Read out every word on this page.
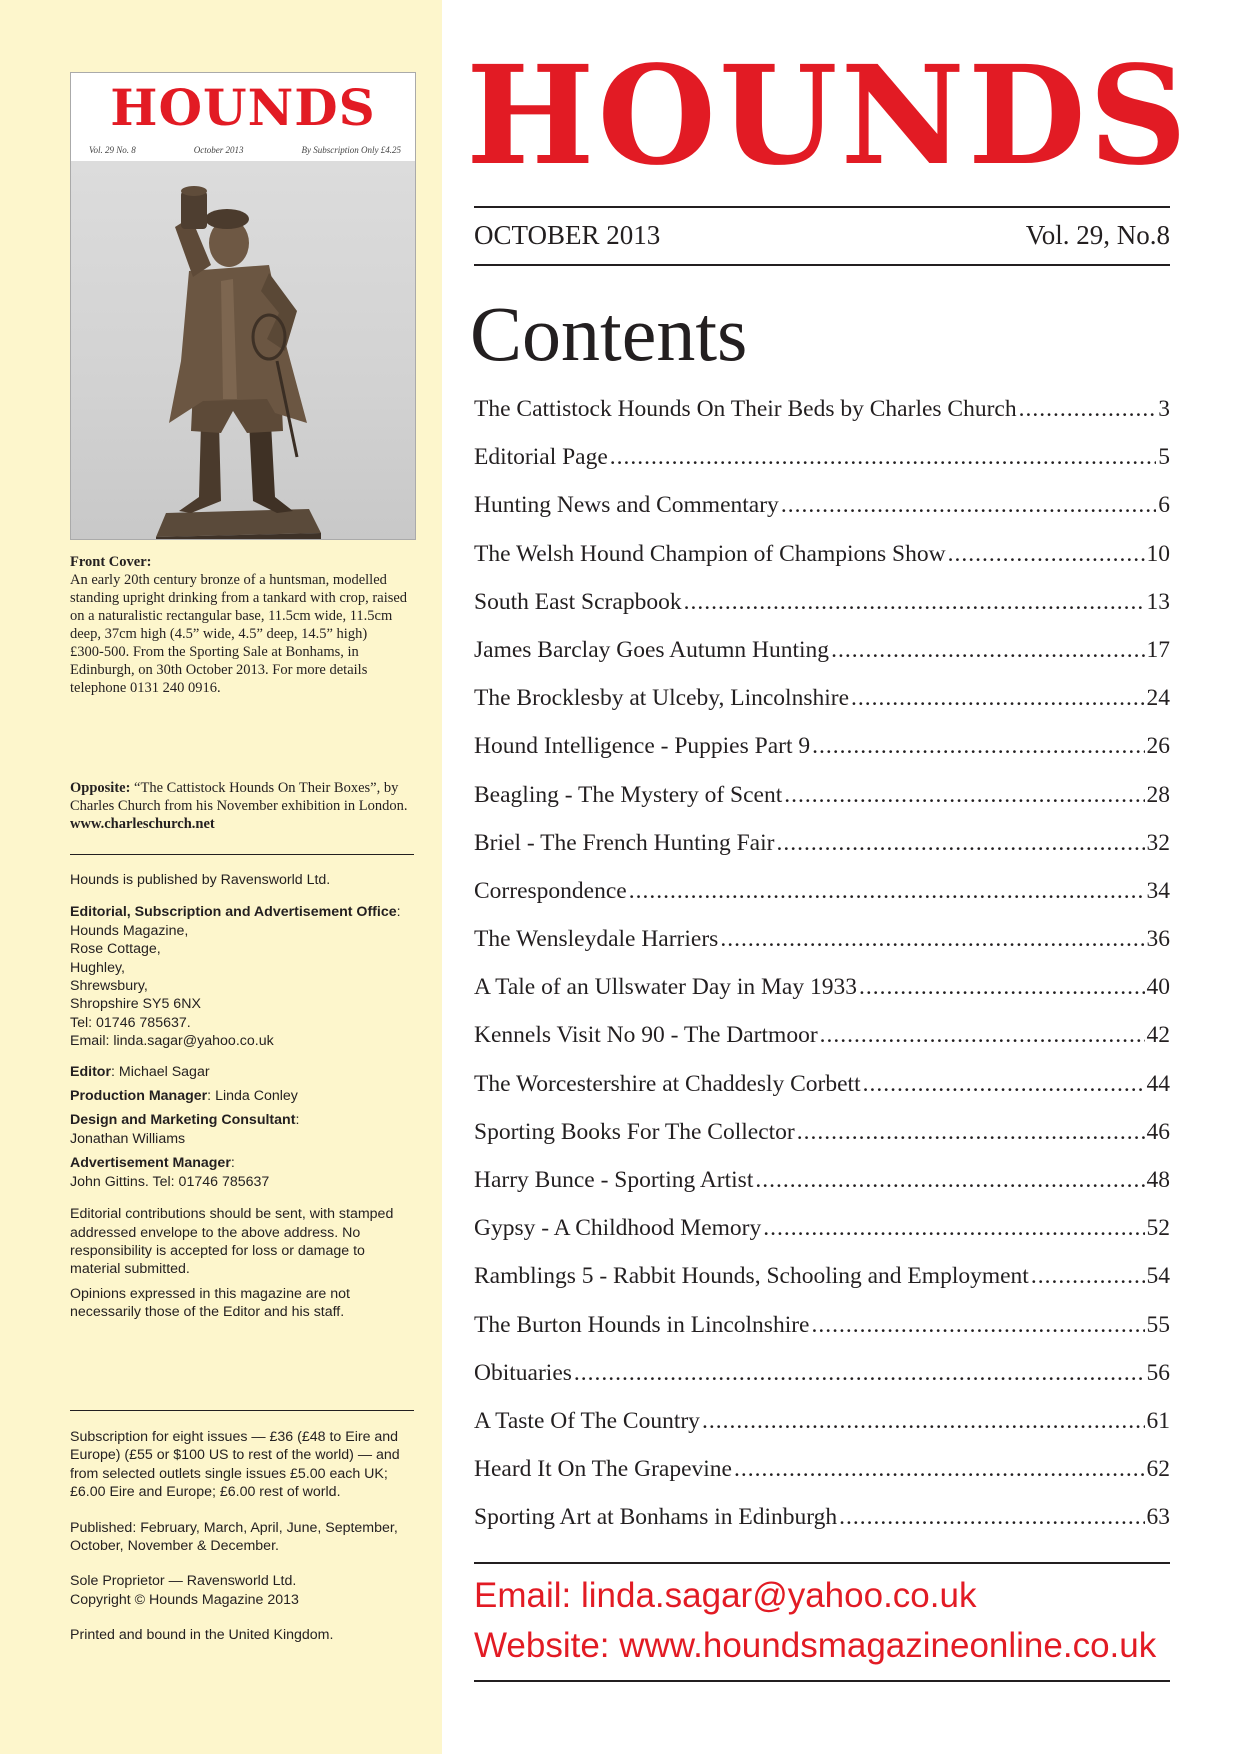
HOUNDS
Vol. 29 No. 8	October 2013	By Subscription Only £4.25
Front Cover:
An early 20th century bronze of a huntsman, modelled standing upright drinking from a tankard with crop, raised on a naturalistic rectangular base, 11.5cm wide, 11.5cm deep, 37cm high (4.5” wide, 4.5” deep, 14.5” high)
£300-500. From the Sporting Sale at Bonhams, in Edinburgh, on 30th October 2013. For more details telephone 0131 240 0916.
Opposite: “The Cattistock Hounds On Their Boxes”, by Charles Church from his November exhibition in London. www.charleschurch.net
Hounds is published by Ravensworld Ltd.
Editorial, Subscription and Advertisement Office:
Hounds Magazine,
Rose Cottage,
Hughley,
Shrewsbury,
Shropshire SY5 6NX
Tel: 01746 785637.
Email: linda.sagar@yahoo.co.uk
Editor: Michael Sagar
Production Manager: Linda Conley
Design and Marketing Consultant:
Jonathan Williams
Advertisement Manager:
John Gittins. Tel: 01746 785637
Editorial contributions should be sent, with stamped addressed envelope to the above address. No responsibility is accepted for loss or damage to material submitted.
Opinions expressed in this magazine are not necessarily those of the Editor and his staff.
Subscription for eight issues — £36 (£48 to Eire and Europe) (£55 or $100 US to rest of the world) — and from selected outlets single issues £5.00 each UK; £6.00 Eire and Europe; £6.00 rest of world.
Published: February, March, April, June, September, October, November & December.
Sole Proprietor — Ravensworld Ltd.
Copyright © Hounds Magazine 2013
Printed and bound in the United Kingdom.
HOUNDS
OCTOBER 2013	Vol. 29, No.8
Contents
The Cattistock Hounds On Their Beds by Charles Church .....	3
Editorial Page .....	5
Hunting News and Commentary .....	6
The Welsh Hound Champion of Champions Show .....	10
South East Scrapbook .....	13
James Barclay Goes Autumn Hunting .....	17
The Brocklesby at Ulceby, Lincolnshire .....	24
Hound Intelligence - Puppies Part 9 .....	26
Beagling - The Mystery of Scent .....	28
Briel - The French Hunting Fair .....	32
Correspondence .....	34
The Wensleydale Harriers .....	36
A Tale of an Ullswater Day in May 1933 .....	40
Kennels Visit No 90 - The Dartmoor .....	42
The Worcestershire at Chaddesly Corbett .....	44
Sporting Books For The Collector .....	46
Harry Bunce - Sporting Artist .....	48
Gypsy - A Childhood Memory .....	52
Ramblings 5 - Rabbit Hounds, Schooling and Employment .....	54
The Burton Hounds in Lincolnshire .....	55
Obituaries .....	56
A Taste Of The Country .....	61
Heard It On The Grapevine .....	62
Sporting Art at Bonhams in Edinburgh .....	63
Email: linda.sagar@yahoo.co.uk
Website: www.houndsmagazineonline.co.uk
